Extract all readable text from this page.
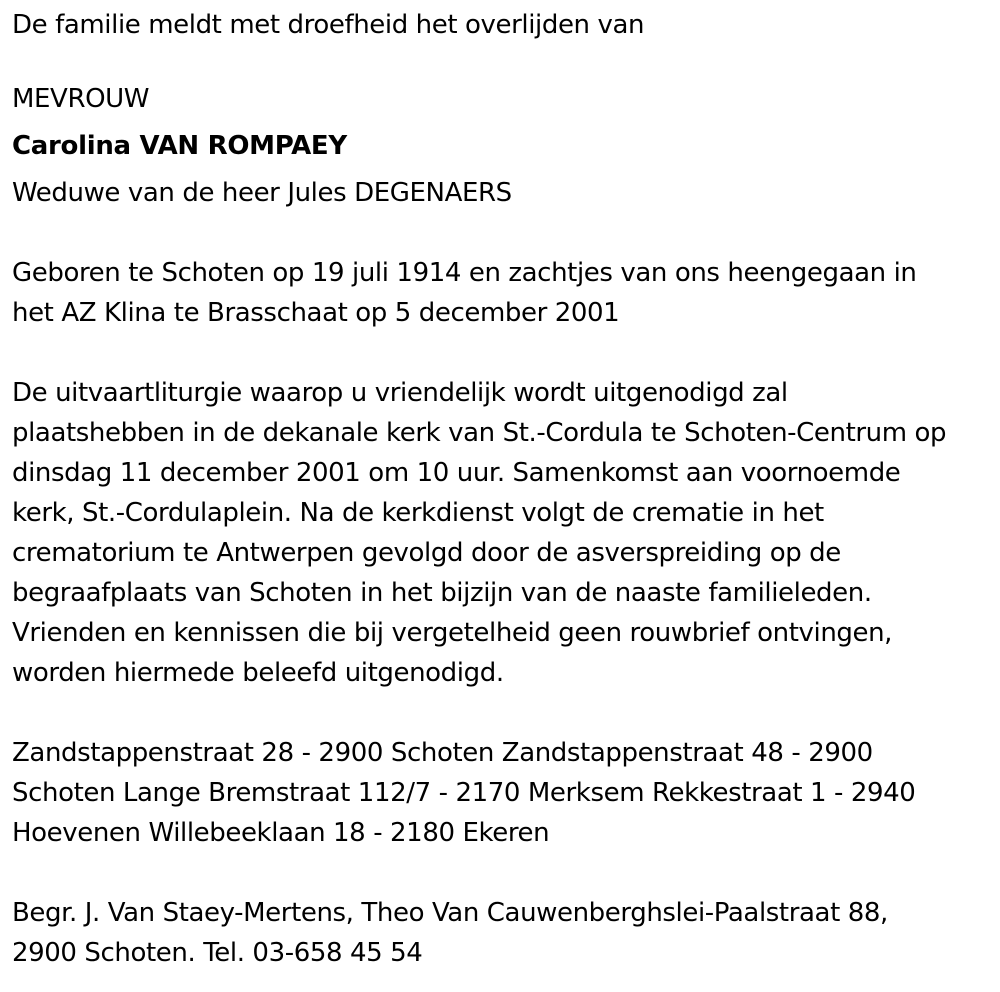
De familie meldt met droefheid het overlijden van
MEVROUW
Carolina VAN ROMPAEY
Weduwe van de heer Jules DEGENAERS
Geboren te Schoten op 19 juli 1914 en zachtjes van ons heengegaan in
het AZ Klina te Brasschaat op 5 december 2001
De uitvaartliturgie waarop u vriendelijk wordt uitgenodigd zal
plaatshebben in de dekanale kerk van St.-Cordula te Schoten-Centrum op
dinsdag 11 december 2001 om 10 uur. Samenkomst aan voornoemde
kerk, St.-Cordulaplein. Na de kerkdienst volgt de crematie in het
crematorium te Antwerpen gevolgd door de asverspreiding op de
begraafplaats van Schoten in het bijzijn van de naaste familieleden.
Vrienden en kennissen die bij vergetelheid geen rouwbrief ontvingen,
worden hiermede beleefd uitgenodigd.
Zandstappenstraat 28 - 2900 Schoten Zandstappenstraat 48 - 2900
Schoten Lange Bremstraat 112/7 - 2170 Merksem Rekkestraat 1 - 2940
Hoevenen Willebeeklaan 18 - 2180 Ekeren
Begr. J. Van Staey-Mertens, Theo Van Cauwenberghslei-Paalstraat 88,
2900 Schoten. Tel. 03-658 45 54
